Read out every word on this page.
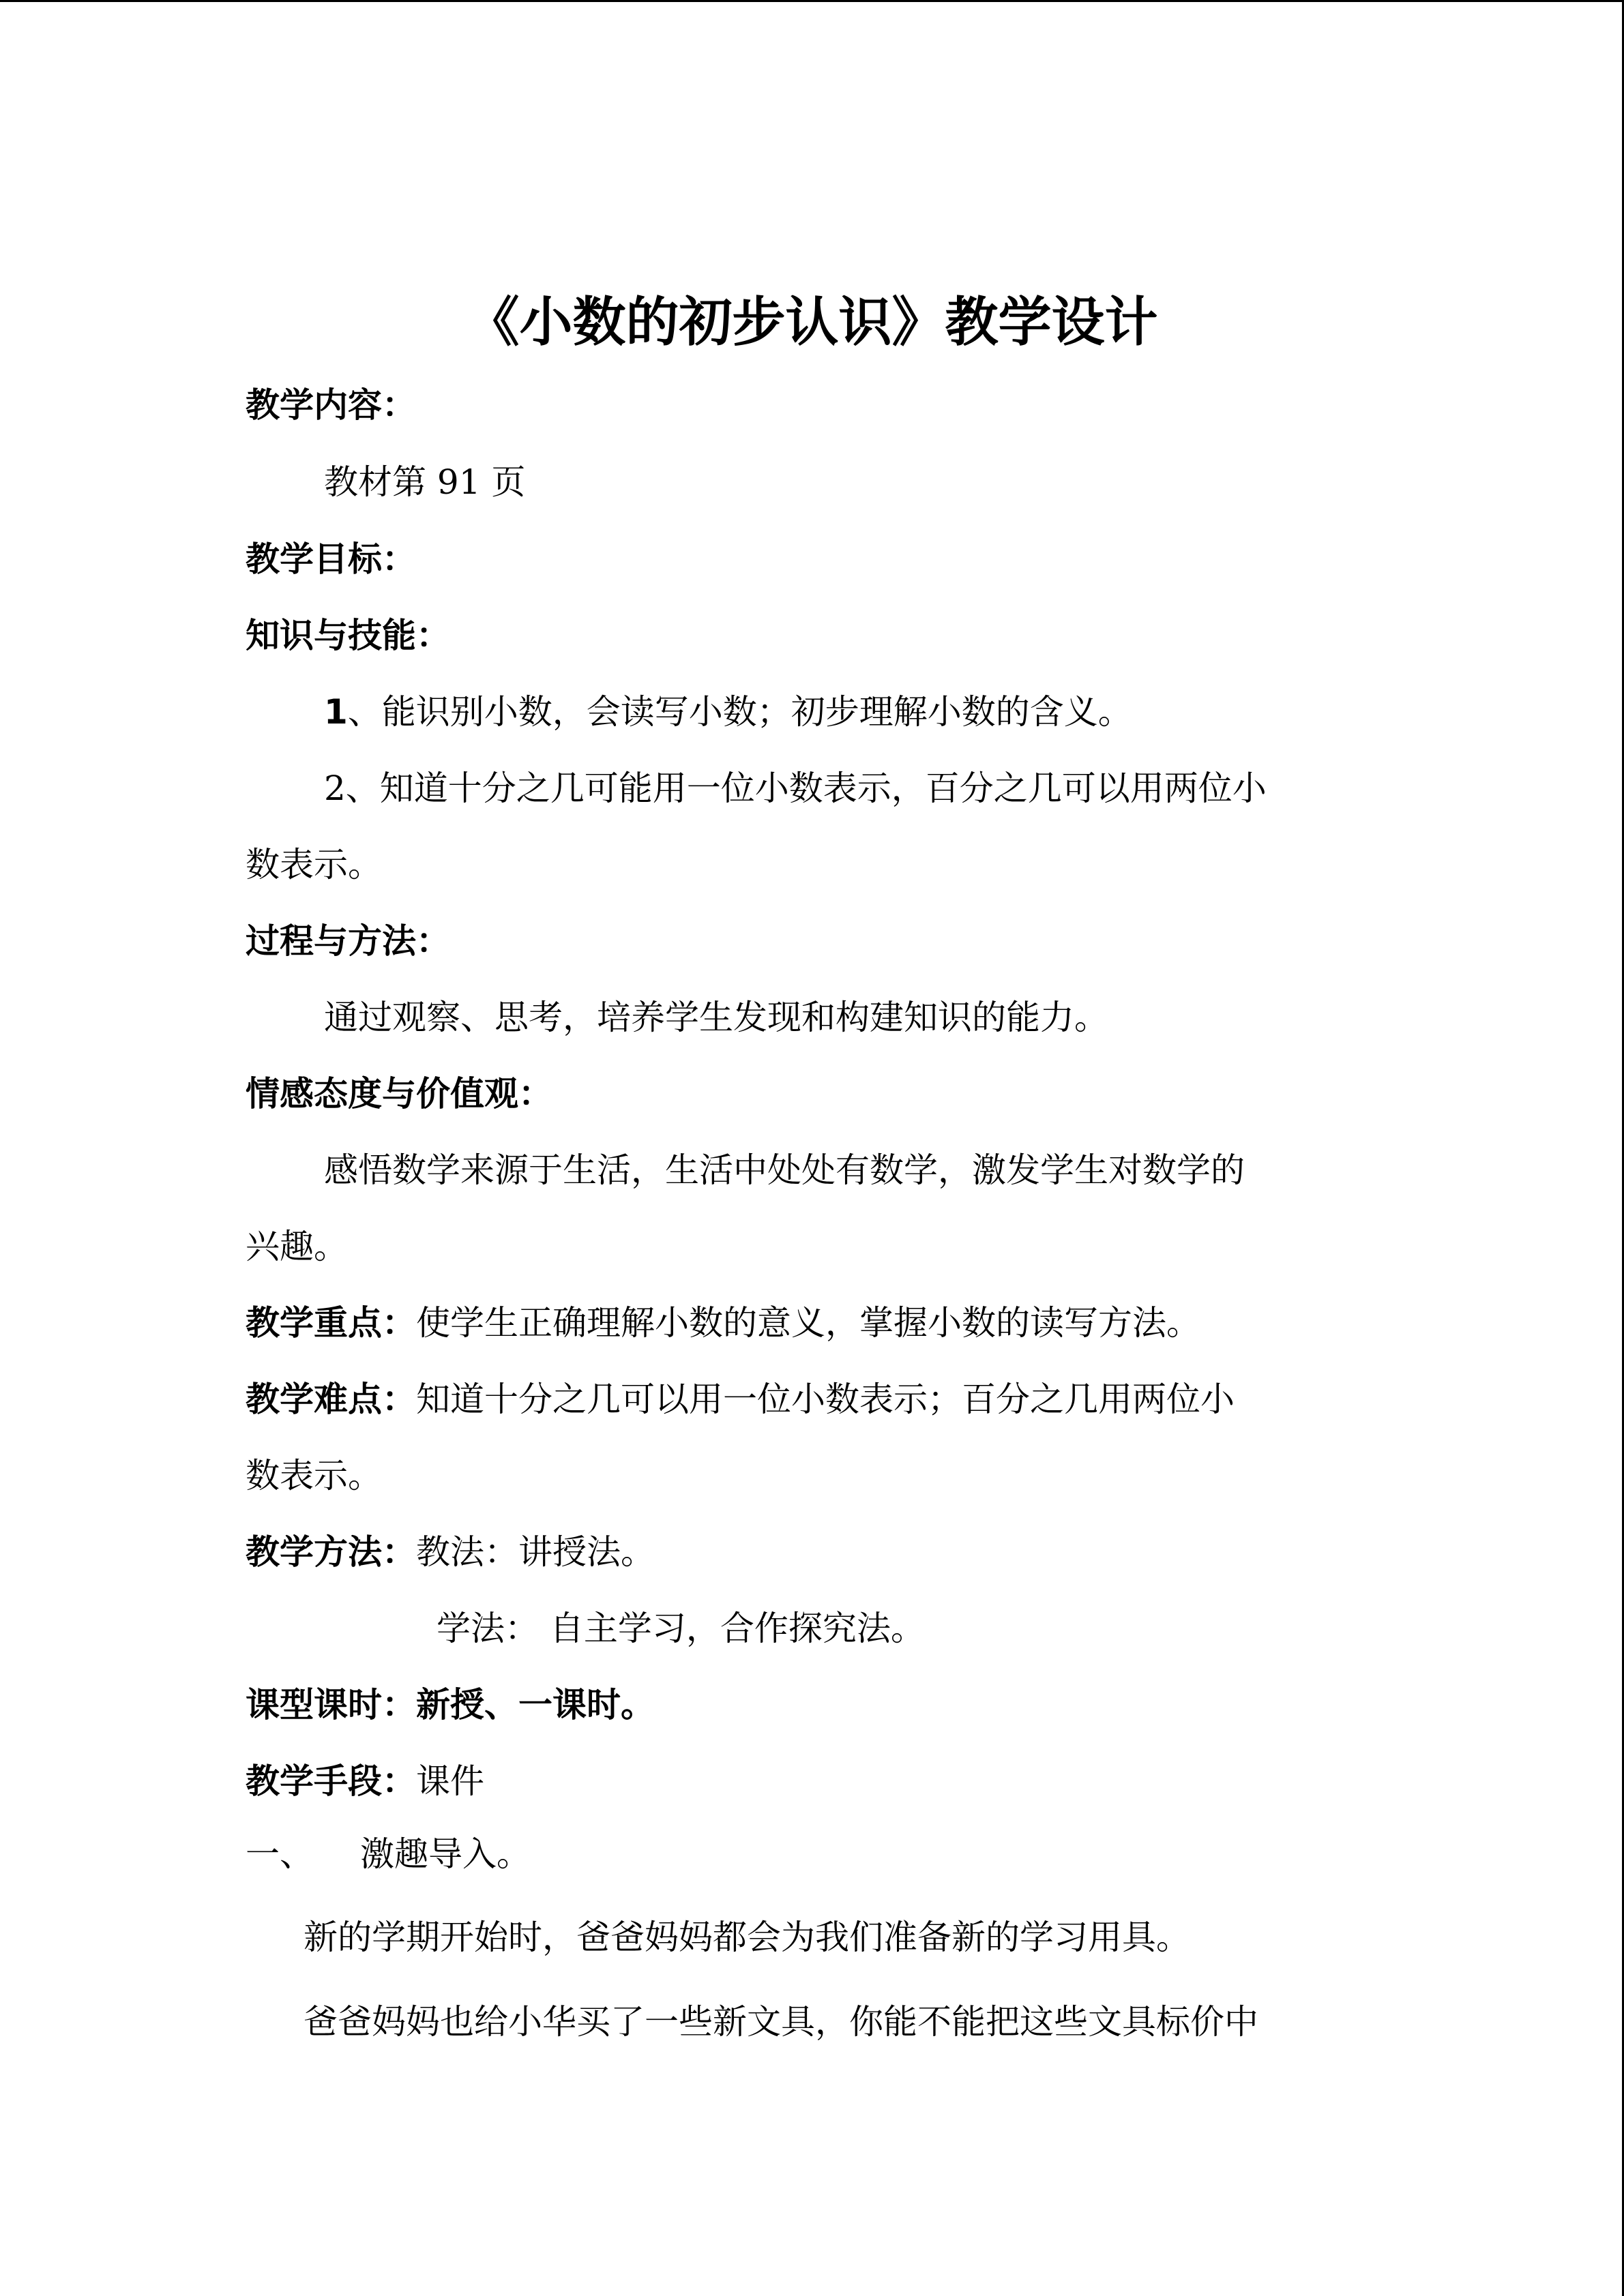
《小数的初步认识》教学设计
教学内容：
教材第 91 页
教学目标：
知识与技能：
1、能识别小数，会读写小数；初步理解小数的含义。
2、知道十分之几可能用一位小数表示，百分之几可以用两位小
数表示。
过程与方法：
通过观察、思考，培养学生发现和构建知识的能力。
情感态度与价值观：
感悟数学来源于生活，生活中处处有数学，激发学生对数学的
兴趣。
教学重点：使学生正确理解小数的意义，掌握小数的读写方法。
教学难点：知道十分之几可以用一位小数表示；百分之几用两位小
数表示。
教学方法：教法：讲授法。
学法： 自主学习，合作探究法。
课型课时：新授、一课时。
教学手段：课件
一、 激趣导入。
新的学期开始时，爸爸妈妈都会为我们准备新的学习用具。
爸爸妈妈也给小华买了一些新文具，你能不能把这些文具标价中
